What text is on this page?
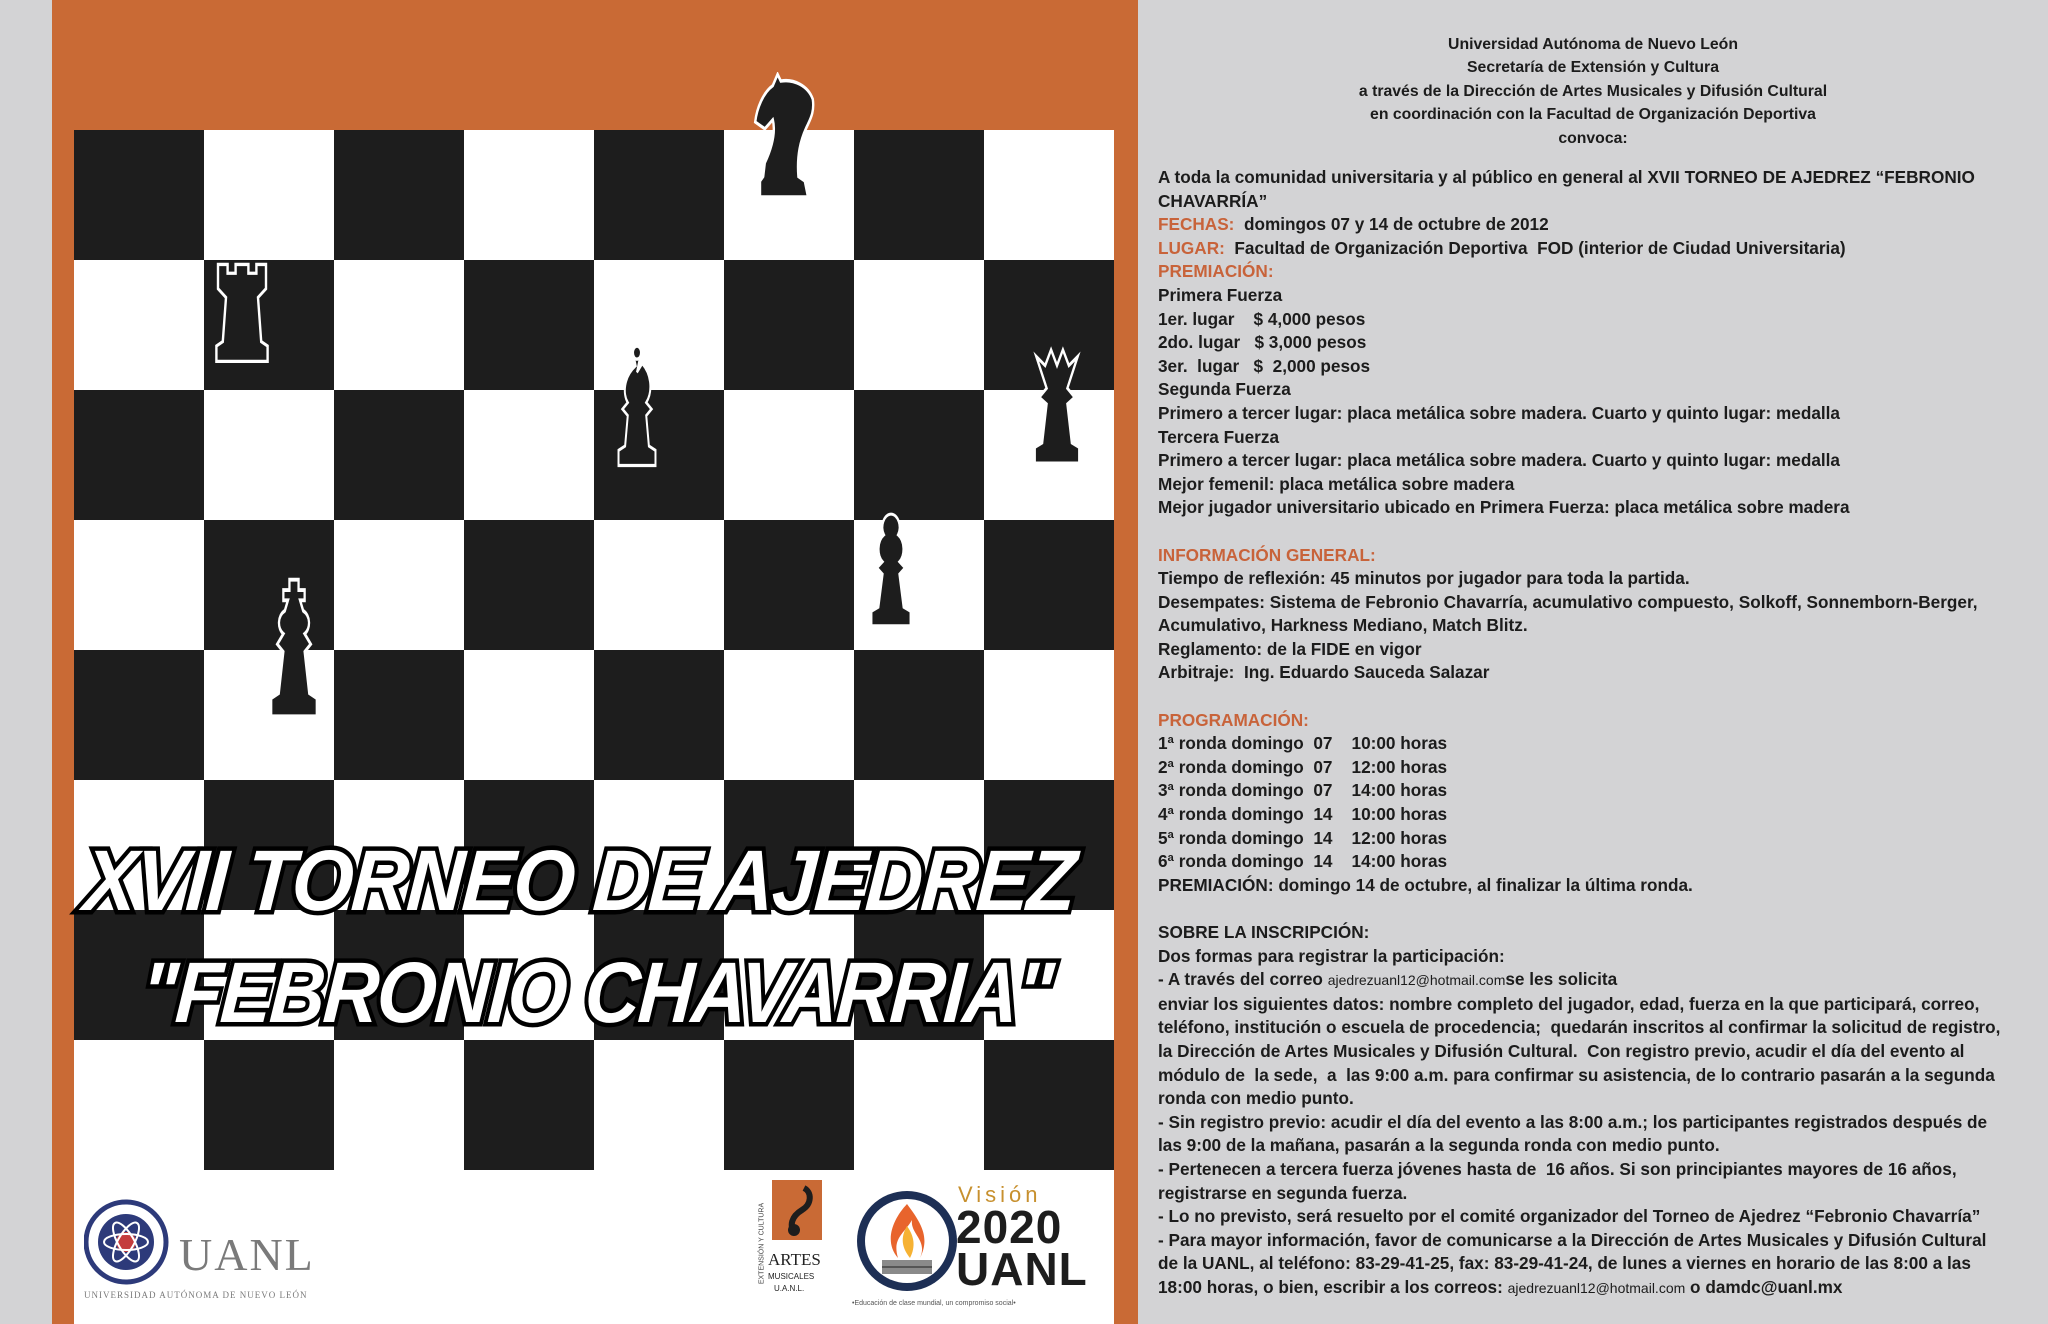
XVII TORNEO DE AJEDREZ
"FEBRONIO CHAVARRIA"
UANL
UNIVERSIDAD AUTÓNOMA DE NUEVO LEÓN
EXTENSIÓN Y CULTURA ARTES
MUSICALES
U.A.N.L.
Visión
2020
UANL
•Educación de clase mundial, un compromiso social•
Universidad Autónoma de Nuevo León
Secretaría de Extensión y Cultura
a través de la Dirección de Artes Musicales y Difusión Cultural
en coordinación con la Facultad de Organización Deportiva
convoca:

A toda la comunidad universitaria y al público en general al XVII TORNEO DE AJEDREZ “FEBRONIO

CHAVARRÍA”

FECHAS:  domingos 07 y 14 de octubre de 2012

LUGAR:  Facultad de Organización Deportiva  FOD (interior de Ciudad Universitaria)

PREMIACIÓN:

Primera Fuerza

1er. lugar    $ 4,000 pesos

2do. lugar   $ 3,000 pesos

3er.  lugar   $  2,000 pesos

Segunda Fuerza

Primero a tercer lugar: placa metálica sobre madera. Cuarto y quinto lugar: medalla

Tercera Fuerza

Primero a tercer lugar: placa metálica sobre madera. Cuarto y quinto lugar: medalla

Mejor femenil: placa metálica sobre madera

Mejor jugador universitario ubicado en Primera Fuerza: placa metálica sobre madera

INFORMACIÓN GENERAL:

Tiempo de reflexión: 45 minutos por jugador para toda la partida.

Desempates: Sistema de Febronio Chavarría, acumulativo compuesto, Solkoff, Sonnemborn-Berger,

Acumulativo, Harkness Mediano, Match Blitz.

Reglamento: de la FIDE en vigor

Arbitraje:  Ing. Eduardo Sauceda Salazar

PROGRAMACIÓN:

1ª ronda domingo  07    10:00 horas

2ª ronda domingo  07    12:00 horas

3ª ronda domingo  07    14:00 horas

4ª ronda domingo  14    10:00 horas

5ª ronda domingo  14    12:00 horas

6ª ronda domingo  14    14:00 horas

PREMIACIÓN: domingo 14 de octubre, al finalizar la última ronda.

SOBRE LA INSCRIPCIÓN:

Dos formas para registrar la participación:

- A través del correo ajedrezuanl12@hotmail.comse les solicita

enviar los siguientes datos: nombre completo del jugador, edad, fuerza en la que participará, correo,

teléfono, institución o escuela de procedencia;  quedarán inscritos al confirmar la solicitud de registro,

la Dirección de Artes Musicales y Difusión Cultural.  Con registro previo, acudir el día del evento al

módulo de  la sede,  a  las 9:00 a.m. para confirmar su asistencia, de lo contrario pasarán a la segunda

ronda con medio punto.

- Sin registro previo: acudir el día del evento a las 8:00 a.m.; los participantes registrados después de

las 9:00 de la mañana, pasarán a la segunda ronda con medio punto.

- Pertenecen a tercera fuerza jóvenes hasta de  16 años. Si son principiantes mayores de 16 años,

registrarse en segunda fuerza.

- Lo no previsto, será resuelto por el comité organizador del Torneo de Ajedrez “Febronio Chavarría”

- Para mayor información, favor de comunicarse a la Dirección de Artes Musicales y Difusión Cultural

de la UANL, al teléfono: 83-29-41-25, fax: 83-29-41-24, de lunes a viernes en horario de las 8:00 a las

18:00 horas, o bien, escribir a los correos: ajedrezuanl12@hotmail.com o damdc@uanl.mx
